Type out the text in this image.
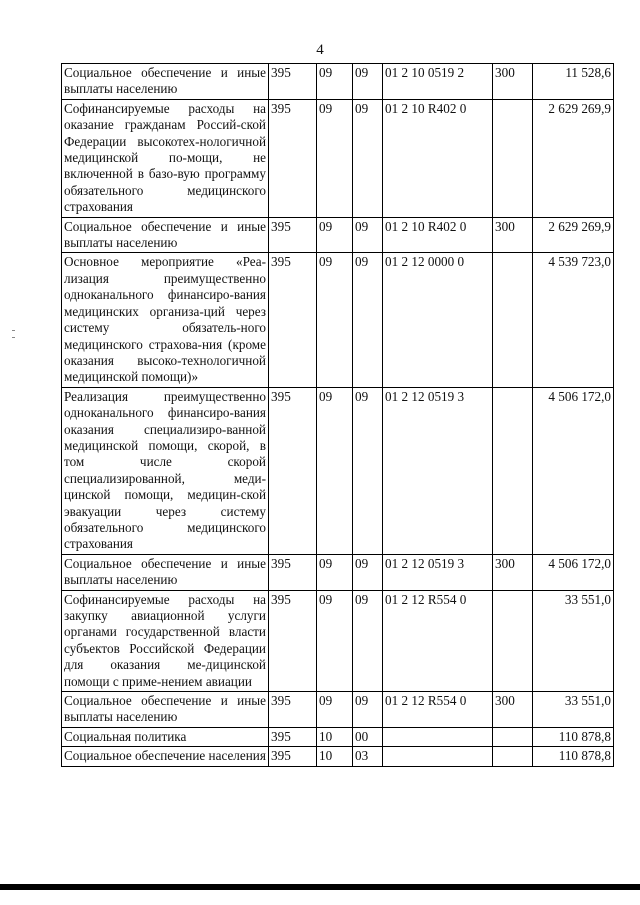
4
Социальное обеспечение и иные выплаты населению	395	09	09	01 2 10 0519 2	300	11 528,6
Софинансируемые расходы на оказание гражданам Россий-ской Федерации высокотех-нологичной медицинской по-мощи, не включенной в базо-вую программу обязательного медицинского страхования	395	09	09	01 2 10 R402 0		2 629 269,9
Социальное обеспечение и иные выплаты населению	395	09	09	01 2 10 R402 0	300	2 629 269,9
Основное мероприятие «Реа-лизация преимущественно одноканального финансиро-вания медицинских организа-ций через систему обязатель-ного медицинского страхова-ния (кроме оказания высоко-технологичной медицинской помощи)»	395	09	09	01 2 12 0000 0		4 539 723,0
Реализация преимущественно одноканального финансиро-вания оказания специализиро-ванной медицинской помощи, скорой, в том числе скорой специализированной, меди-цинской помощи, медицин-ской эвакуации через систему обязательного медицинского страхования	395	09	09	01 2 12 0519 3		4 506 172,0
Социальное обеспечение и иные выплаты населению	395	09	09	01 2 12 0519 3	300	4 506 172,0
Софинансируемые расходы на закупку авиационной услуги органами государственной власти субъектов Российской Федерации для оказания ме-дицинской помощи с приме-нением авиации	395	09	09	01 2 12 R554 0		33 551,0
Социальное обеспечение и иные выплаты населению	395	09	09	01 2 12 R554 0	300	33 551,0
Социальная политика	395	10	00			110 878,8
Социальное обеспечение населения	395	10	03			110 878,8
